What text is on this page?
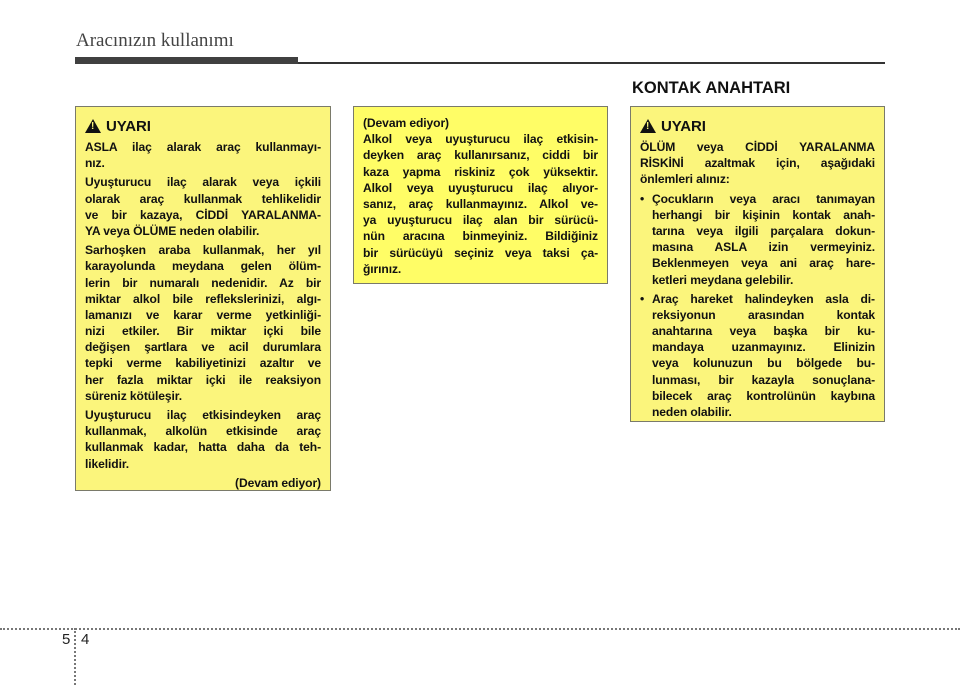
Aracınızın kullanımı
KONTAK ANAHTARI
!
UYARI
ASLA ilaç alarak araç kullanmayı-
nız.
Uyuşturucu ilaç alarak veya içkili
olarak araç kullanmak tehlikelidir
ve bir kazaya, CİDDİ YARALANMA-
YA veya ÖLÜME neden olabilir.
Sarhoşken araba kullanmak, her yıl
karayolunda meydana gelen ölüm-
lerin bir numaralı nedenidir. Az bir
miktar alkol bile reflekslerinizi, algı-
lamanızı ve karar verme yetkinliği-
nizi etkiler. Bir miktar içki bile
değişen şartlara ve acil durumlara
tepki verme kabiliyetinizi azaltır ve
her fazla miktar içki ile reaksiyon
süreniz kötüleşir.
Uyuşturucu ilaç etkisindeyken araç
kullanmak, alkolün etkisinde araç
kullanmak kadar, hatta daha da teh-
likelidir.
(Devam ediyor)
(Devam ediyor)
Alkol veya uyuşturucu ilaç etkisin-
deyken araç kullanırsanız, ciddi bir
kaza yapma riskiniz çok yüksektir.
Alkol veya uyuşturucu ilaç alıyor-
sanız, araç kullanmayınız. Alkol ve-
ya uyuşturucu ilaç alan bir sürücü-
nün aracına binmeyiniz. Bildiğiniz
bir sürücüyü seçiniz veya taksi ça-
ğırınız.
!
UYARI
ÖLÜM veya CİDDİ YARALANMA
RİSKİNİ azaltmak için, aşağıdaki
önlemleri alınız:
• Çocukların veya aracı tanımayan
herhangi bir kişinin kontak anah-
tarına veya ilgili parçalara dokun-
masına ASLA izin vermeyiniz.
Beklenmeyen veya ani araç hare-
ketleri meydana gelebilir.
• Araç hareket halindeyken asla di-
reksiyonun arasından kontak
anahtarına veya başka bir ku-
mandaya uzanmayınız. Elinizin
veya kolunuzun bu bölgede bu-
lunması, bir kazayla sonuçlana-
bilecek araç kontrolünün kaybına
neden olabilir.
5 4
